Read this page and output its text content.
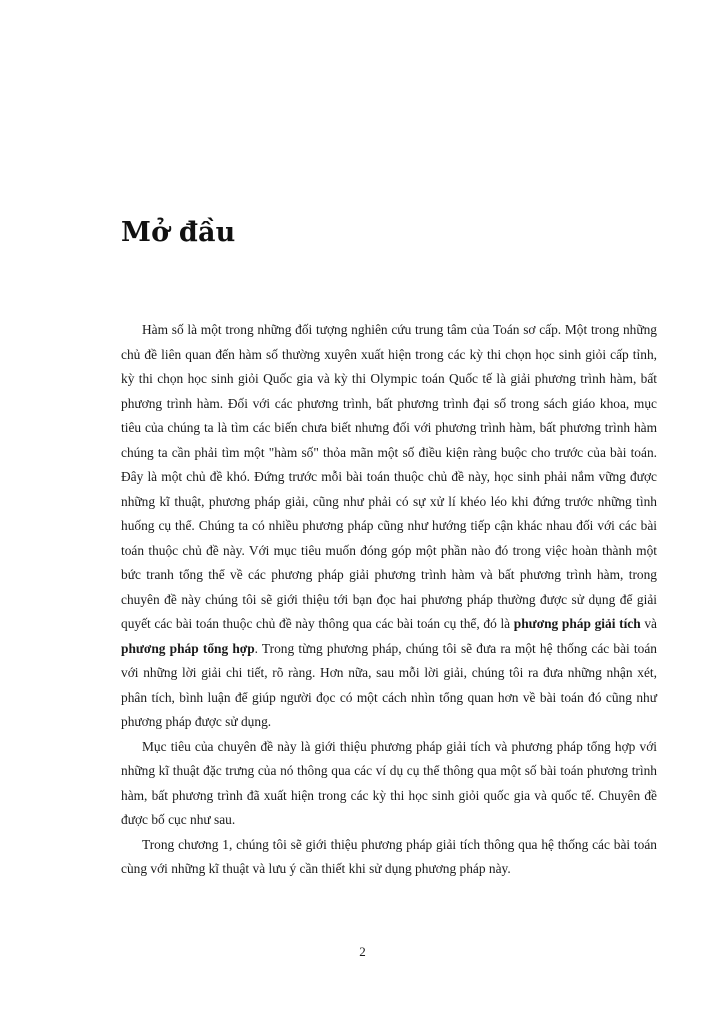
Mở đầu

Hàm số là một trong những đối tượng nghiên cứu trung tâm của Toán sơ cấp. Một trong những chủ đề liên quan đến hàm số thường xuyên xuất hiện trong các kỳ thi chọn học sinh giỏi cấp tỉnh, kỳ thi chọn học sinh giỏi Quốc gia và kỳ thi Olympic toán Quốc tế là giải phương trình hàm, bất phương trình hàm. Đối với các phương trình, bất phương trình đại số trong sách giáo khoa, mục tiêu của chúng ta là tìm các biến chưa biết nhưng đối với phương trình hàm, bất phương trình hàm chúng ta cần phải tìm một "hàm số" thỏa mãn một số điều kiện ràng buộc cho trước của bài toán. Đây là một chủ đề khó. Đứng trước mỗi bài toán thuộc chủ đề này, học sinh phải nắm vững được những kĩ thuật, phương pháp giải, cũng như phải có sự xử lí khéo léo khi đứng trước những tình huống cụ thể. Chúng ta có nhiều phương pháp cũng như hướng tiếp cận khác nhau đối với các bài toán thuộc chủ đề này. Với mục tiêu muốn đóng góp một phần nào đó trong việc hoàn thành một bức tranh tổng thể về các phương pháp giải phương trình hàm và bất phương trình hàm, trong chuyên đề này chúng tôi sẽ giới thiệu tới bạn đọc hai phương pháp thường được sử dụng để giải quyết các bài toán thuộc chủ đề này thông qua các bài toán cụ thể, đó là phương pháp giải tích và phương pháp tổng hợp. Trong từng phương pháp, chúng tôi sẽ đưa ra một hệ thống các bài toán với những lời giải chi tiết, rõ ràng. Hơn nữa, sau mỗi lời giải, chúng tôi ra đưa những nhận xét, phân tích, bình luận để giúp người đọc có một cách nhìn tổng quan hơn về bài toán đó cũng như phương pháp được sử dụng.

Mục tiêu của chuyên đề này là giới thiệu phương pháp giải tích và phương pháp tổng hợp với những kĩ thuật đặc trưng của nó thông qua các ví dụ cụ thể thông qua một số bài toán phương trình hàm, bất phương trình đã xuất hiện trong các kỳ thi học sinh giỏi quốc gia và quốc tế. Chuyên đề được bố cục như sau.

Trong chương 1, chúng tôi sẽ giới thiệu phương pháp giải tích thông qua hệ thống các bài toán cùng với những kĩ thuật và lưu ý cần thiết khi sử dụng phương pháp này.

2
